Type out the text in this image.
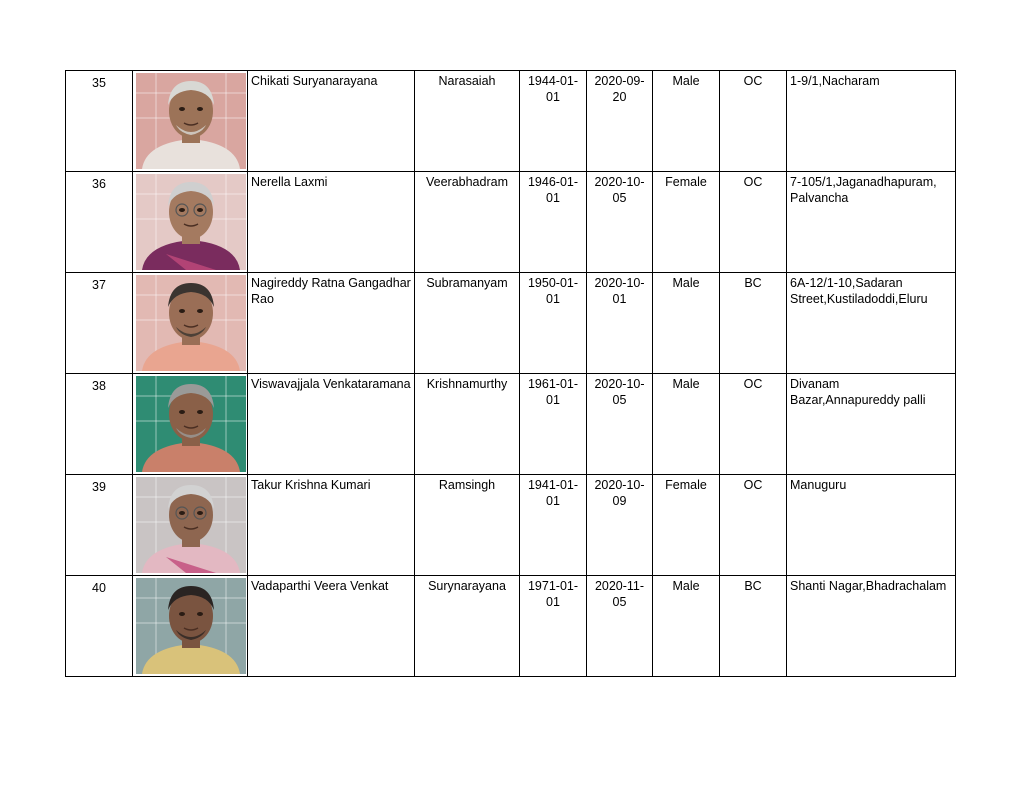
35		Chikati Suryanarayana	Narasaiah	1944-01-01	2020-09-20	Male	OC	1-9/1,Nacharam
36		Nerella Laxmi	Veerabhadram	1946-01-01	2020-10-05	Female	OC	7-105/1,Jaganadhapuram, Palvancha
37		Nagireddy Ratna Gangadhar Rao	Subramanyam	1950-01-01	2020-10-01	Male	BC	6A-12/1-10,Sadaran Street,Kustiladoddi,Eluru
38		Viswavajjala Venkataramana	Krishnamurthy	1961-01-01	2020-10-05	Male	OC	Divanam Bazar,Annapureddy palli
39		Takur Krishna Kumari	Ramsingh	1941-01-01	2020-10-09	Female	OC	Manuguru
40		Vadaparthi Veera Venkat	Surynarayana	1971-01-01	2020-11-05	Male	BC	Shanti Nagar,Bhadrachalam
